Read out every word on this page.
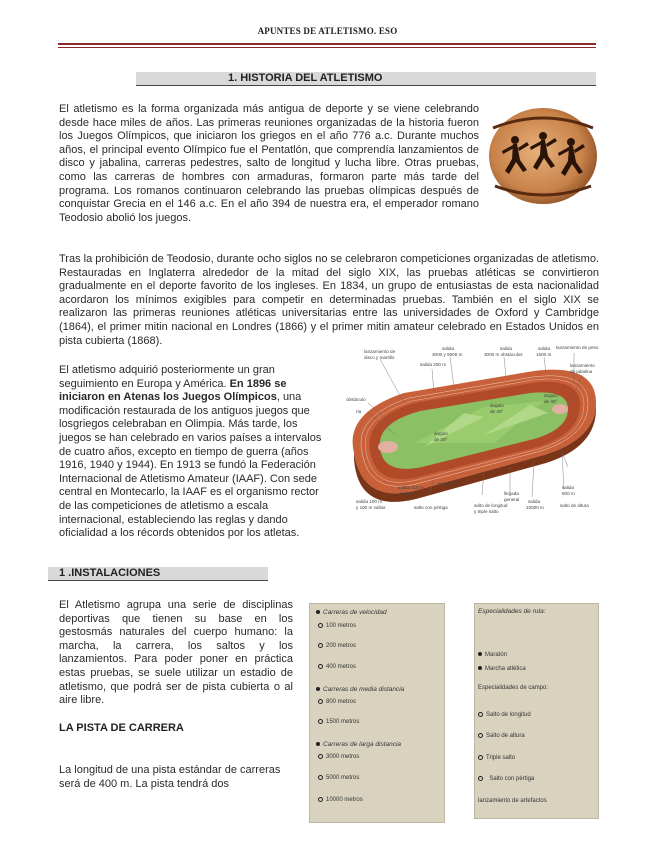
APUNTES DE ATLETISMO. ESO
1. HISTORIA DEL ATLETISMO
El atletismo es la forma organizada más antigua de deporte y se viene celebrando desde hace miles de años. Las primeras reuniones organizadas de la historia fueron los Juegos Olímpicos, que iniciaron los griegos en el año 776 a.c. Durante muchos años, el principal evento Olímpico fue el Pentatlón, que comprendía lanzamientos de disco y jabalina, carreras pedestres, salto de longitud y lucha libre. Otras pruebas, como las carreras de hombres con armaduras, formaron parte más tarde del programa. Los romanos continuaron celebrando las pruebas olímpicas después de conquistar Grecia en el 146 a.c. En el año 394 de nuestra era, el emperador romano Teodosio abolió los juegos.
Tras la prohibición de Teodosio, durante ocho siglos no se celebraron competiciones organizadas de atletismo. Restauradas en Inglaterra alrededor de la mitad del siglo XIX, las pruebas atléticas se convirtieron gradualmente en el deporte favorito de los ingleses. En 1834, un grupo de entusiastas de esta nacionalidad acordaron los mínimos exigibles para competir en determinadas pruebas. También en el siglo XIX se realizaron las primeras reuniones atléticas universitarias entre las universidades de Oxford y Cambridge (1864), el primer mitin nacional en Londres (1866) y el primer mitin amateur celebrado en Estados Unidos en pista cubierta (1868).
El atletismo adquirió posteriormente un gran seguimiento en Europa y América. En 1896 se iniciaron en Atenas los Juegos Olímpicos, una modificación restaurada de los antiguos juegos que losgriegos celebraban en Olimpia. Más tarde, los juegos se han celebrado en varios países a intervalos de cuatro años, excepto en tiempo de guerra (años 1916, 1940 y 1944). En 1913 se fundó la Federación Internacional de Atletismo Amateur (IAAF). Con sede central en Montecarlo, la IAAF es el organismo rector de las competiciones de atletismo a escala internacional, estableciendo las reglas y dando oficialidad a los récords obtenidos por los atletas.
lanzamiento de
disco y martillo
salida
3000 y 5000 m
salida 200 m
salida
3000 m obstáculos
salida
1500 m
lanzamiento de peso
lanzamiento
de jabalina
obstáculo
ría
ángulo
de 29°
ángulo
de 40°
ángulo
de 45°
recta final
salida 110 m
vallas
salida 100 m
y 100 m vallas	salto con pértiga	salto de longitud
y triple salto
llegada
general salida
10000 m
salida
800 m
salto de altura
1 .INSTALACIONES
El Atletismo agrupa una serie de disciplinas deportivas que tienen su base en los gestosmás naturales del cuerpo humano: la marcha, la carrera, los saltos y los lanzamientos. Para poder poner en práctica estas pruebas, se suele utilizar un estadio de atletismo, que podrá ser de pista cubierta o al aire libre.
LA PISTA DE CARRERA
La longitud de una pista estándar de carreras será de 400 m. La pista tendrá dos
Carreras de velocidad
100 metros
200 metros
400 metros
Carreras de media distancia
800 metros
1500 metros
Carreras de larga distancia
3000 metros
5000 metros
10000 metros
Especialidades de ruta:
Maratón
Marcha atlética
Especialidades de campo:
Salto de longitud
Salto de altura
Triple salto
Salto con pértiga
lanzamiento de artefactos
